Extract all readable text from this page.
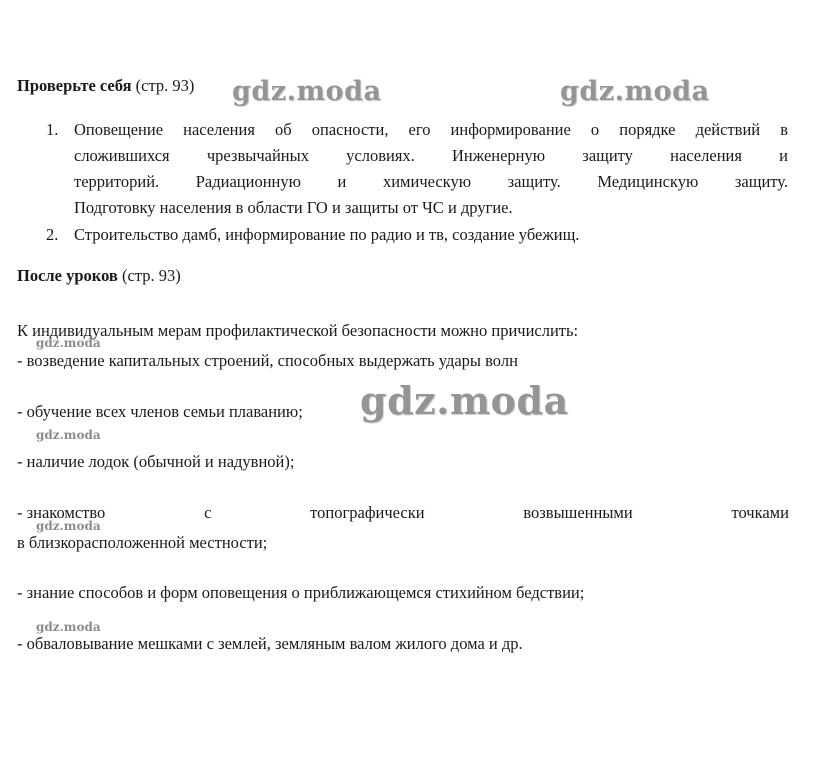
Проверьте себя (стр. 93)
1. Оповещение населения об опасности, его информирование о порядке действий в
сложившихся чрезвычайных условиях. Инженерную защиту населения и
территорий. Радиационную и химическую защиту. Медицинскую защиту.
Подготовку населения в области ГО и защиты от ЧС и другие.
2. Строительство дамб, информирование по радио и тв, создание убежищ.
После уроков (стр. 93)
К индивидуальным мерам профилактической безопасности можно причислить:
- возведение капитальных строений, способных выдержать удары волн
- обучение всех членов семьи плаванию;
- наличие лодок (обычной и надувной);
- знакомство	с	топографически	возвышенными	точками
в близкорасположенной местности;
- знание способов и форм оповещения о приближающемся стихийном бедствии;
- обваловывание мешками с землей, земляным валом жилого дома и др.
gdz.moda	gdz.moda
gdz.moda
gdz.moda
gdz.moda
gdz.moda
gdz.moda
